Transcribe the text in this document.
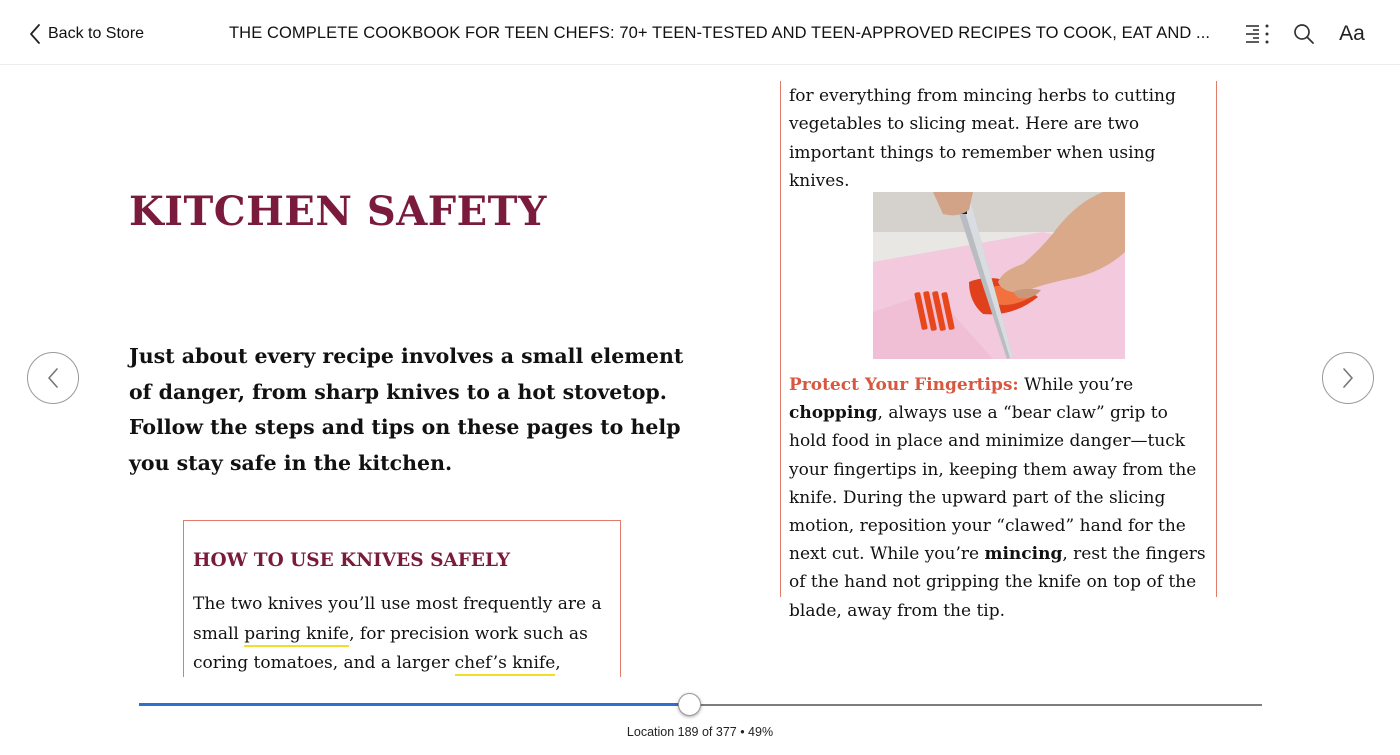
Back to Store	THE COMPLETE COOKBOOK FOR TEEN CHEFS: 70+ TEEN-TESTED AND TEEN-APPROVED RECIPES TO COOK, EAT AND ...	Aa
KITCHEN SAFETY
Just about every recipe involves a small element of danger, from sharp knives to a hot stovetop. Follow the steps and tips on these pages to help you stay safe in the kitchen.
HOW TO USE KNIVES SAFELY
The two knives you’ll use most frequently are a small paring knife, for precision work such as coring tomatoes, and a larger chef’s knife,
for everything from mincing herbs to cutting vegetables to slicing meat. Here are two important things to remember when using knives.
Protect Your Fingertips: While you’re chopping, always use a “bear claw” grip to hold food in place and minimize danger—tuck your fingertips in, keeping them away from the knife. During the upward part of the slicing motion, reposition your “clawed” hand for the next cut. While you’re mincing, rest the fingers of the hand not gripping the knife on top of the blade, away from the tip.
Location 189 of 377 • 49%
